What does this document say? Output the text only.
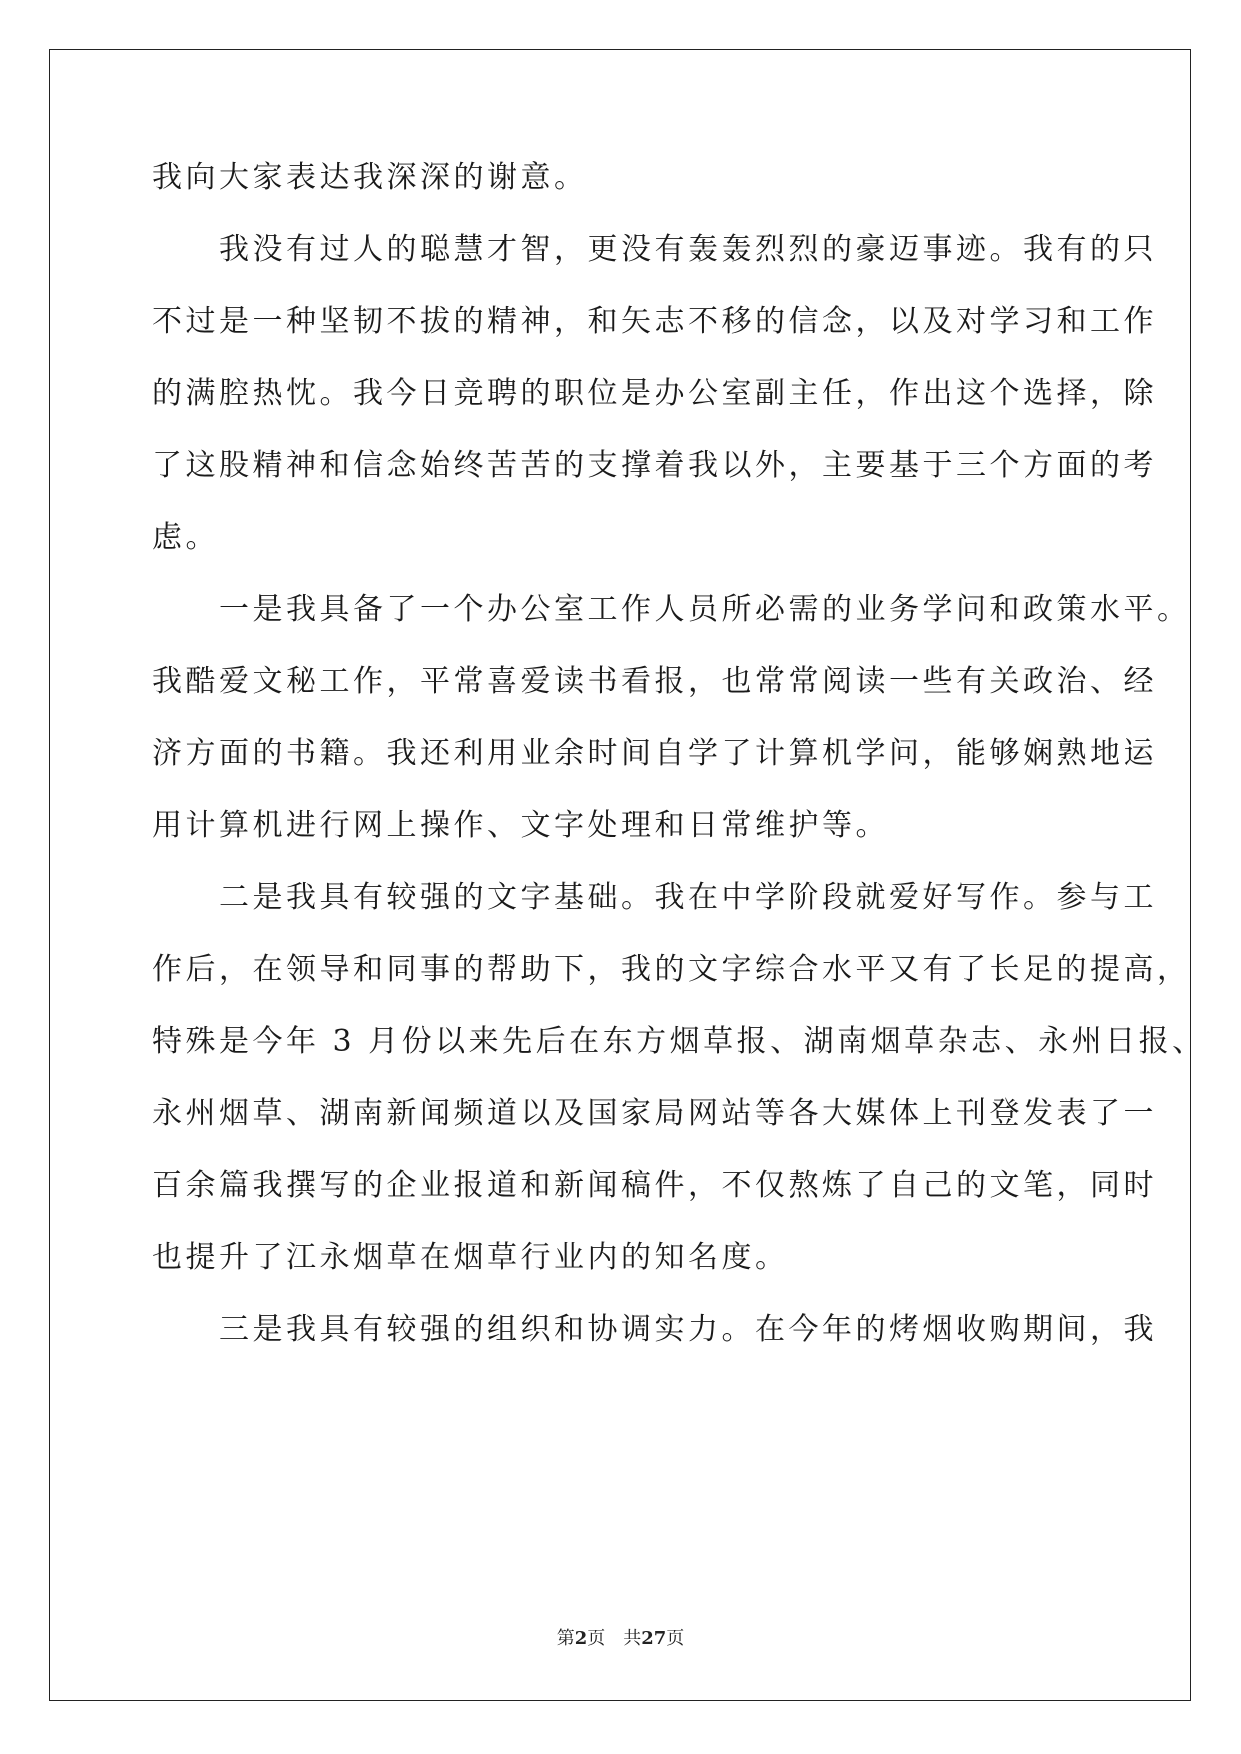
我向大家表达我深深的谢意。
　　我没有过人的聪慧才智，更没有轰轰烈烈的豪迈事迹。我有的只
不过是一种坚韧不拔的精神，和矢志不移的信念，以及对学习和工作
的满腔热忱。我今日竞聘的职位是办公室副主任，作出这个选择，除
了这股精神和信念始终苦苦的支撑着我以外，主要基于三个方面的考
虑。
　　一是我具备了一个办公室工作人员所必需的业务学问和政策水平。
我酷爱文秘工作，平常喜爱读书看报，也常常阅读一些有关政治、经
济方面的书籍。我还利用业余时间自学了计算机学问，能够娴熟地运
用计算机进行网上操作、文字处理和日常维护等。
　　二是我具有较强的文字基础。我在中学阶段就爱好写作。参与工
作后，在领导和同事的帮助下，我的文字综合水平又有了长足的提高，
特殊是今年 3 月份以来先后在东方烟草报、湖南烟草杂志、永州日报、
永州烟草、湖南新闻频道以及国家局网站等各大媒体上刊登发表了一
百余篇我撰写的企业报道和新闻稿件，不仅熬炼了自己的文笔，同时
也提升了江永烟草在烟草行业内的知名度。
　　三是我具有较强的组织和协调实力。在今年的烤烟收购期间，我
第2页 共27页
